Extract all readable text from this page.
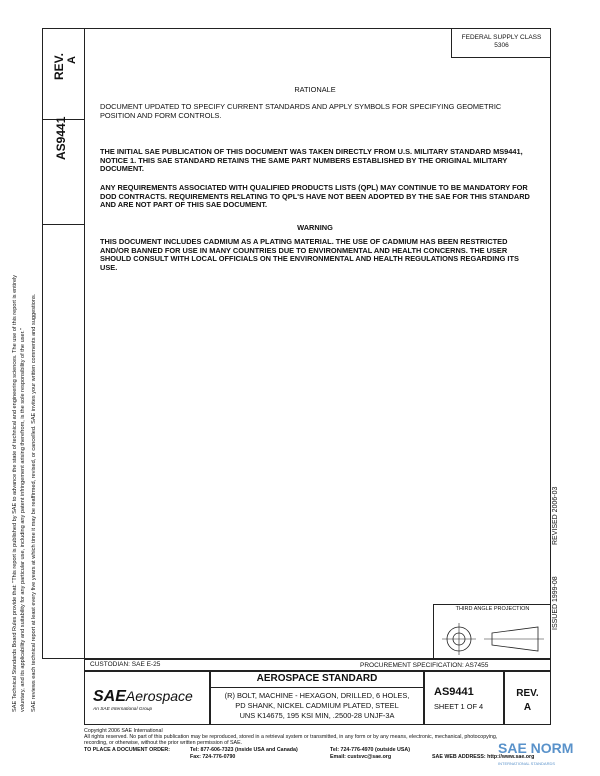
SAE Technical Standards Board Rules provide that: "This report is published by SAE to advance the state of technical and engineering sciences. The use of this report is entirely voluntary, and its applicability and suitability for any particular use, including any patent infringement arising therefrom, is the sole responsibility of the user." SAE reviews each technical report at least every five years at which time it may be reaffirmed, revised, or cancelled. SAE invites your written comments and suggestions.
REV. A
AS9441
FEDERAL SUPPLY CLASS
5306
REVISED 2006-03
ISSUED 1999-08
RATIONALE
DOCUMENT UPDATED TO SPECIFY CURRENT STANDARDS AND APPLY SYMBOLS FOR SPECIFYING GEOMETRIC POSITION AND FORM CONTROLS.
THE INITIAL SAE PUBLICATION OF THIS DOCUMENT WAS TAKEN DIRECTLY FROM U.S. MILITARY STANDARD MS9441, NOTICE 1. THIS SAE STANDARD RETAINS THE SAME PART NUMBERS ESTABLISHED BY THE ORIGINAL MILITARY DOCUMENT.
ANY REQUIREMENTS ASSOCIATED WITH QUALIFIED PRODUCTS LISTS (QPL) MAY CONTINUE TO BE MANDATORY FOR DOD CONTRACTS. REQUIREMENTS RELATING TO QPL'S HAVE NOT BEEN ADOPTED BY THE SAE FOR THIS STANDARD AND ARE NOT PART OF THIS SAE DOCUMENT.
WARNING
THIS DOCUMENT INCLUDES CADMIUM AS A PLATING MATERIAL. THE USE OF CADMIUM HAS BEEN RESTRICTED AND/OR BANNED FOR USE IN MANY COUNTRIES DUE TO ENVIRONMENTAL AND HEALTH CONCERNS. THE USER SHOULD CONSULT WITH LOCAL OFFICIALS ON THE ENVIRONMENTAL AND HEALTH REGULATIONS REGARDING ITS USE.
THIRD ANGLE PROJECTION
CUSTODIAN: SAE E-25	PROCUREMENT SPECIFICATION: AS7455
SAEAerospace
An SAE International Group
AEROSPACE STANDARD
(R) BOLT, MACHINE - HEXAGON, DRILLED, 6 HOLES,
PD SHANK, NICKEL CADMIUM PLATED, STEEL
UNS K14675, 195 KSI MIN, .2500-28 UNJF-3A
AS9441
SHEET 1 OF 4
REV.
A
Copyright 2006 SAE International
All rights reserved. No part of this publication may be reproduced, stored in a retrieval system or transmitted, in any form or by any means, electronic, mechanical, photocopying,
recording, or otherwise, without the prior written permission of SAE.
TO PLACE A DOCUMENT ORDER:	Tel: 877-606-7323 (inside USA and Canada)	Tel: 724-776-4970 (outside USA)
Fax: 724-776-0790	Email: custsvc@sae.org	SAE WEB ADDRESS: http://www.sae.org
SAE NORM
INTERNATIONAL STANDARDS
